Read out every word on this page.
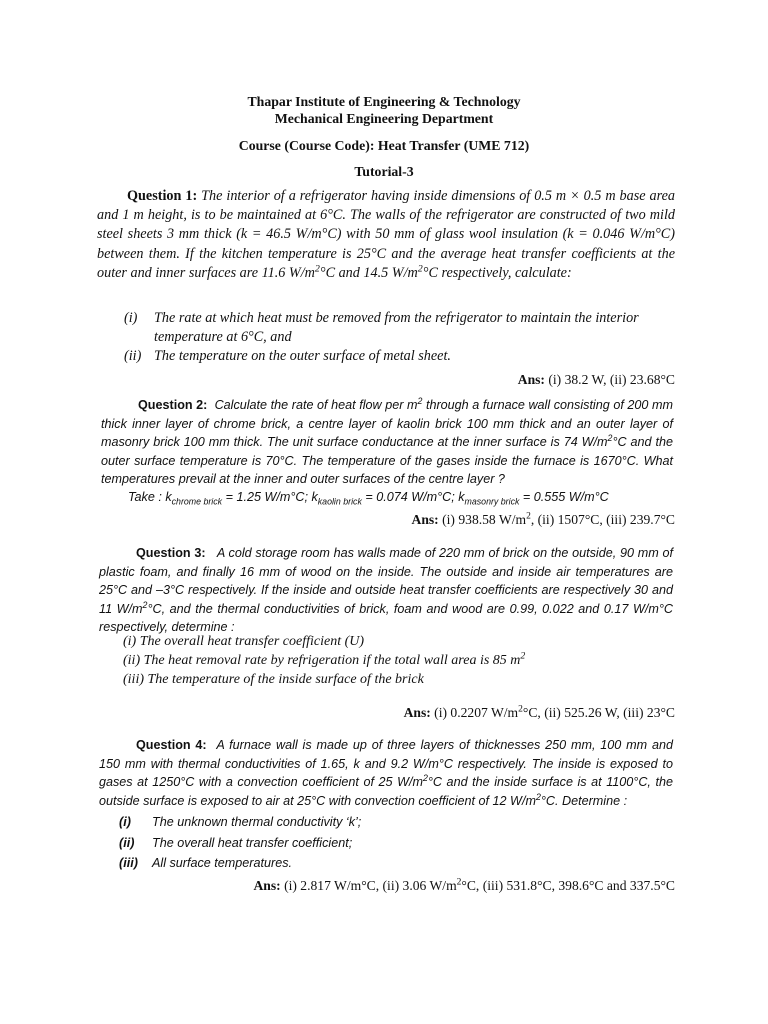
Thapar Institute of Engineering & Technology
Mechanical Engineering Department
Course (Course Code): Heat Transfer (UME 712)
Tutorial-3
Question 1: The interior of a refrigerator having inside dimensions of 0.5 m × 0.5 m base area and 1 m height, is to be maintained at 6°C. The walls of the refrigerator are constructed of two mild steel sheets 3 mm thick (k = 46.5 W/m°C) with 50 mm of glass wool insulation (k = 0.046 W/m°C) between them. If the kitchen temperature is 25°C and the average heat transfer coefficients at the outer and inner surfaces are 11.6 $W/m^2^\circ C$ and 14.5 $W/m^2^\circ C$ respectively, calculate:
(i)	The rate at which heat must be removed from the refrigerator to maintain the interior temperature at 6°C, and
(ii) The temperature on the outer surface of metal sheet.
Ans: (i) 38.2 W, (ii) 23.68°C
Question 2: Calculate the rate of heat flow per $m^2$ through a furnace wall consisting of 200 mm thick inner layer of chrome brick, a centre layer of kaolin brick 100 mm thick and an outer layer of masonry brick 100 mm thick. The unit surface conductance at the inner surface is 74 $W/m^2^\circ C$ and the outer surface temperature is 70°C. The temperature of the gases inside the furnace is 1670°C. What temperatures prevail at the inner and outer surfaces of the centre layer ?
Take : $k_{chrome brick} = 1.25$ W/m°C; $k_{kaolin brick} = 0.074$ W/m°C; $k_{masonry brick} = 0.555$ W/m°C
Ans: (i) 938.58 $W/m^2$, (ii) 1507°C, (iii) 239.7°C
Question 3: A cold storage room has walls made of 220 mm of brick on the outside, 90 mm of plastic foam, and finally 16 mm of wood on the inside. The outside and inside air temperatures are 25°C and –3°C respectively. If the inside and outside heat transfer coefficients are respectively 30 and 11 $W/m^2^\circ C$, and the thermal conductivities of brick, foam and wood are 0.99, 0.022 and 0.17 W/m°C respectively, determine :
(i) The overall heat transfer coefficient (U)
(ii) The heat removal rate by refrigeration if the total wall area is 85 $m^2$
(iii) The temperature of the inside surface of the brick
Ans: (i) 0.2207 $W/m^2^\circ C$, (ii) 525.26 W, (iii) 23°C
Question 4: A furnace wall is made up of three layers of thicknesses 250 mm, 100 mm and 150 mm with thermal conductivities of 1.65, k and 9.2 W/m°C respectively. The inside is exposed to gases at 1250°C with a convection coefficient of 25 $W/m^2^\circ C$ and the inside surface is at 1100°C, the outside surface is exposed to air at 25°C with convection coefficient of 12 $W/m^2^\circ C$. Determine :
(i)	The unknown thermal conductivity ‘k’;
(ii)	The overall heat transfer coefficient;
(iii)	All surface temperatures.
Ans: (i) 2.817 W/m°C, (ii) 3.06 $W/m^2^\circ C$, (iii) 531.8°C, 398.6°C and 337.5°C
